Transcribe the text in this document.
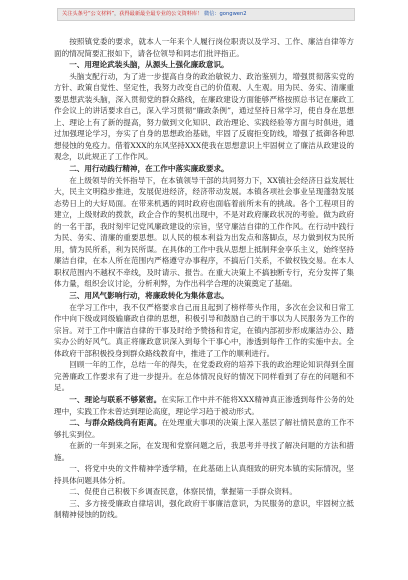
关注头条号“公文材料”，获得最新最全最专业的公文资料库！ 微信：gongwen2

按照镇党委的要求，就本人一年来个人履行岗位职责以及学习、工作、廉洁自律等方面的情况简要汇报如下，请各位领导和同志们批评指正。

一、用理论武装头脑，从源头上强化廉政意识。

头脑支配行动，为了进一步提高自身的政治敏锐力、政治鉴别力，增强贯彻落实党的方针、政策自觉性、坚定性，我努力改变自己的价值观、人生观。用为民、务实、清廉重要思想武装头脑，深入贯彻党的群众路线，在廉政建设方面能够严格按照总书记在廉政工作会议上的讲话要求自己，深入学习贯彻“廉政条例”，通过坚持日常学习，使自身在思想上、理论上有了新的提高，努力做到文化知识、政治理论、实践经验等方面与时俱进，通过加强理论学习，夯实了自身的思想政治基础，牢固了反腐拒变防线，增强了抵御各种思想侵蚀的免疫力。借着XXX的东风坚持XXX使我在思想意识上牢固树立了廉洁从政建设的观念，以此规正了工作作风。

二、用行动践行精神，在工作中落实廉政要求。

在上级领导的关怀指导下，在本镇领导干部的共同努力下，XX镇社会经济日益发展壮大，民主文明稳步推进，发展促进经济，经济带动发展。本镇各项社会事业呈现蓬勃发展态势日上的大好局面。在带来机遇的同时政府也面临着前所未有的挑战。各个工程项目的建立，上级财政的拨款，政企合作的契机出现中，不是对政府廉政状况的考验。做为政府的一名干部，我时刻牢记党风廉政建设的宗旨，坚守廉洁自律的工作作风。在行动中践行为民、务实、清廉的重要思想。以人民的根本利益为出发点和落脚点，尽力做到权为民所用，情为民所系，利为民所谋。在具体的工作中我从思想上抵制拜金享乐主义，始终坚持廉洁自律，在本人所在范围内严格遵守办事程序，不搞后门关系，不做权钱交易。在本人职权范围内不越权不牵线，及时请示、报告。在重大决策上不搞独断专行，充分发挥了集体力量，组织会议讨论，分析利弊，为作出科学合理的决策奠定了基础。

三、用风气影响行动，将廉政转化为集体意志。

在学习工作中，我不仅严格要求自己而且起到了榜样带头作用，多次在会议和日常工作中向下级或同级输廉政自律的思想，积极引导和鼓励自己的干事以为人民服务为工作的宗旨。对于工作中廉洁自律的干事及时给予赞扬和肯定，在镇内部初步形成廉洁办公、踏实办公的好风气。真正将廉政意识深入到每个干事心中，渗透到每件工作的实施中去。全体政府干部积极投身到群众路线教育中，推进了工作的顺利进行。

回顾一年的工作，总结一年的得失，在党委政府的培养下我的政治理论知识得到全面完善廉政工作要求有了进一步提升。在总体情况良好的情况下同样看到了存在的问题和不足。

一、理论与联系不够紧密。在实际工作中并不能将XXX精神真正渗透到每件公务的处理中，实践工作未曾达到理论高度，理论学习趋于被动形式。

二、与群众路线尚有距离。在处理重大事项的决策上深入基层了解社情民意的工作不够扎实到位。

在新的一年到来之际，在发现和党察问题之后，我思考并寻找了解决问题的方法和措施。

一、将党中央的文件精神学透学精，在此基础上认真细致的研究本镇的实际情况，坚持具体问题具体分析。

二、促使自己积极下乡调查民意，体察民情，掌握第一手群众资料。

三、多方接受廉政自律培训，强化政府干事廉洁意识，为民服务的意识，牢固树立抵制精神侵蚀的防线。
